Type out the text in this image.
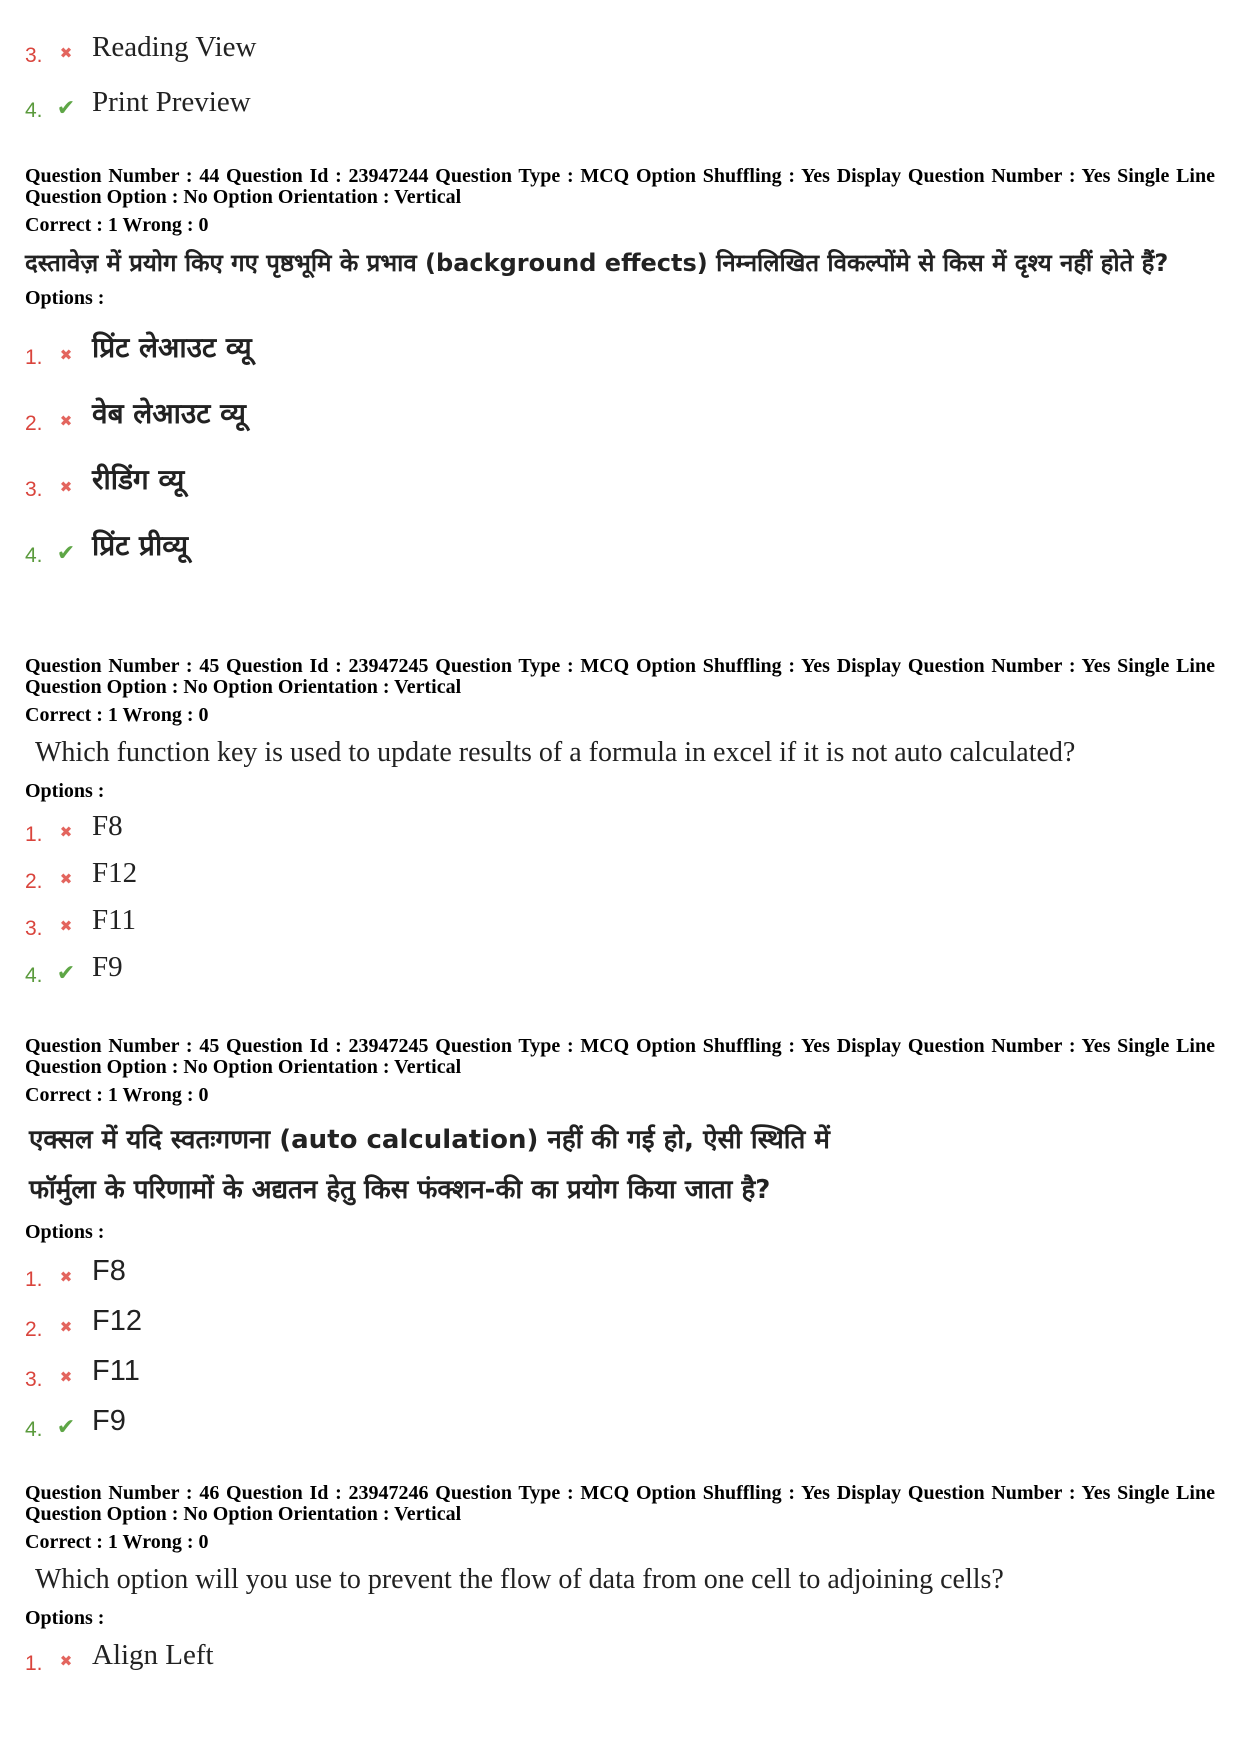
3. ✖ Reading View
4. ✔ Print Preview
Question Number : 44 Question Id : 23947244 Question Type : MCQ Option Shuffling : Yes Display Question Number : Yes Single Line Question Option : No Option Orientation : Vertical
Correct : 1 Wrong : 0
दस्तावेज़ में प्रयोग किए गए पृष्ठभूमि के प्रभाव (background effects) निम्नलिखित विकल्पोंमे से किस में दृश्य नहीं होते हैं?
Options :
1. ✖ प्रिंट लेआउट व्यू
2. ✖ वेब लेआउट व्यू
3. ✖ रीडिंग व्यू
4. ✔ प्रिंट प्रीव्यू
Question Number : 45 Question Id : 23947245 Question Type : MCQ Option Shuffling : Yes Display Question Number : Yes Single Line Question Option : No Option Orientation : Vertical
Correct : 1 Wrong : 0
Which function key is used to update results of a formula in excel if it is not auto calculated?
Options :
1. ✖ F8
2. ✖ F12
3. ✖ F11
4. ✔ F9
Question Number : 45 Question Id : 23947245 Question Type : MCQ Option Shuffling : Yes Display Question Number : Yes Single Line Question Option : No Option Orientation : Vertical
Correct : 1 Wrong : 0
एक्सल में यदि स्वतःगणना (auto calculation) नहीं की गई हो, ऐसी स्थिति में
फॉर्मुला के परिणामों के अद्यतन हेतु किस फंक्शन-की का प्रयोग किया जाता है?
Options :
1. ✖ F8
2. ✖ F12
3. ✖ F11
4. ✔ F9
Question Number : 46 Question Id : 23947246 Question Type : MCQ Option Shuffling : Yes Display Question Number : Yes Single Line Question Option : No Option Orientation : Vertical
Correct : 1 Wrong : 0
Which option will you use to prevent the flow of data from one cell to adjoining cells?
Options :
1. ✖ Align Left
